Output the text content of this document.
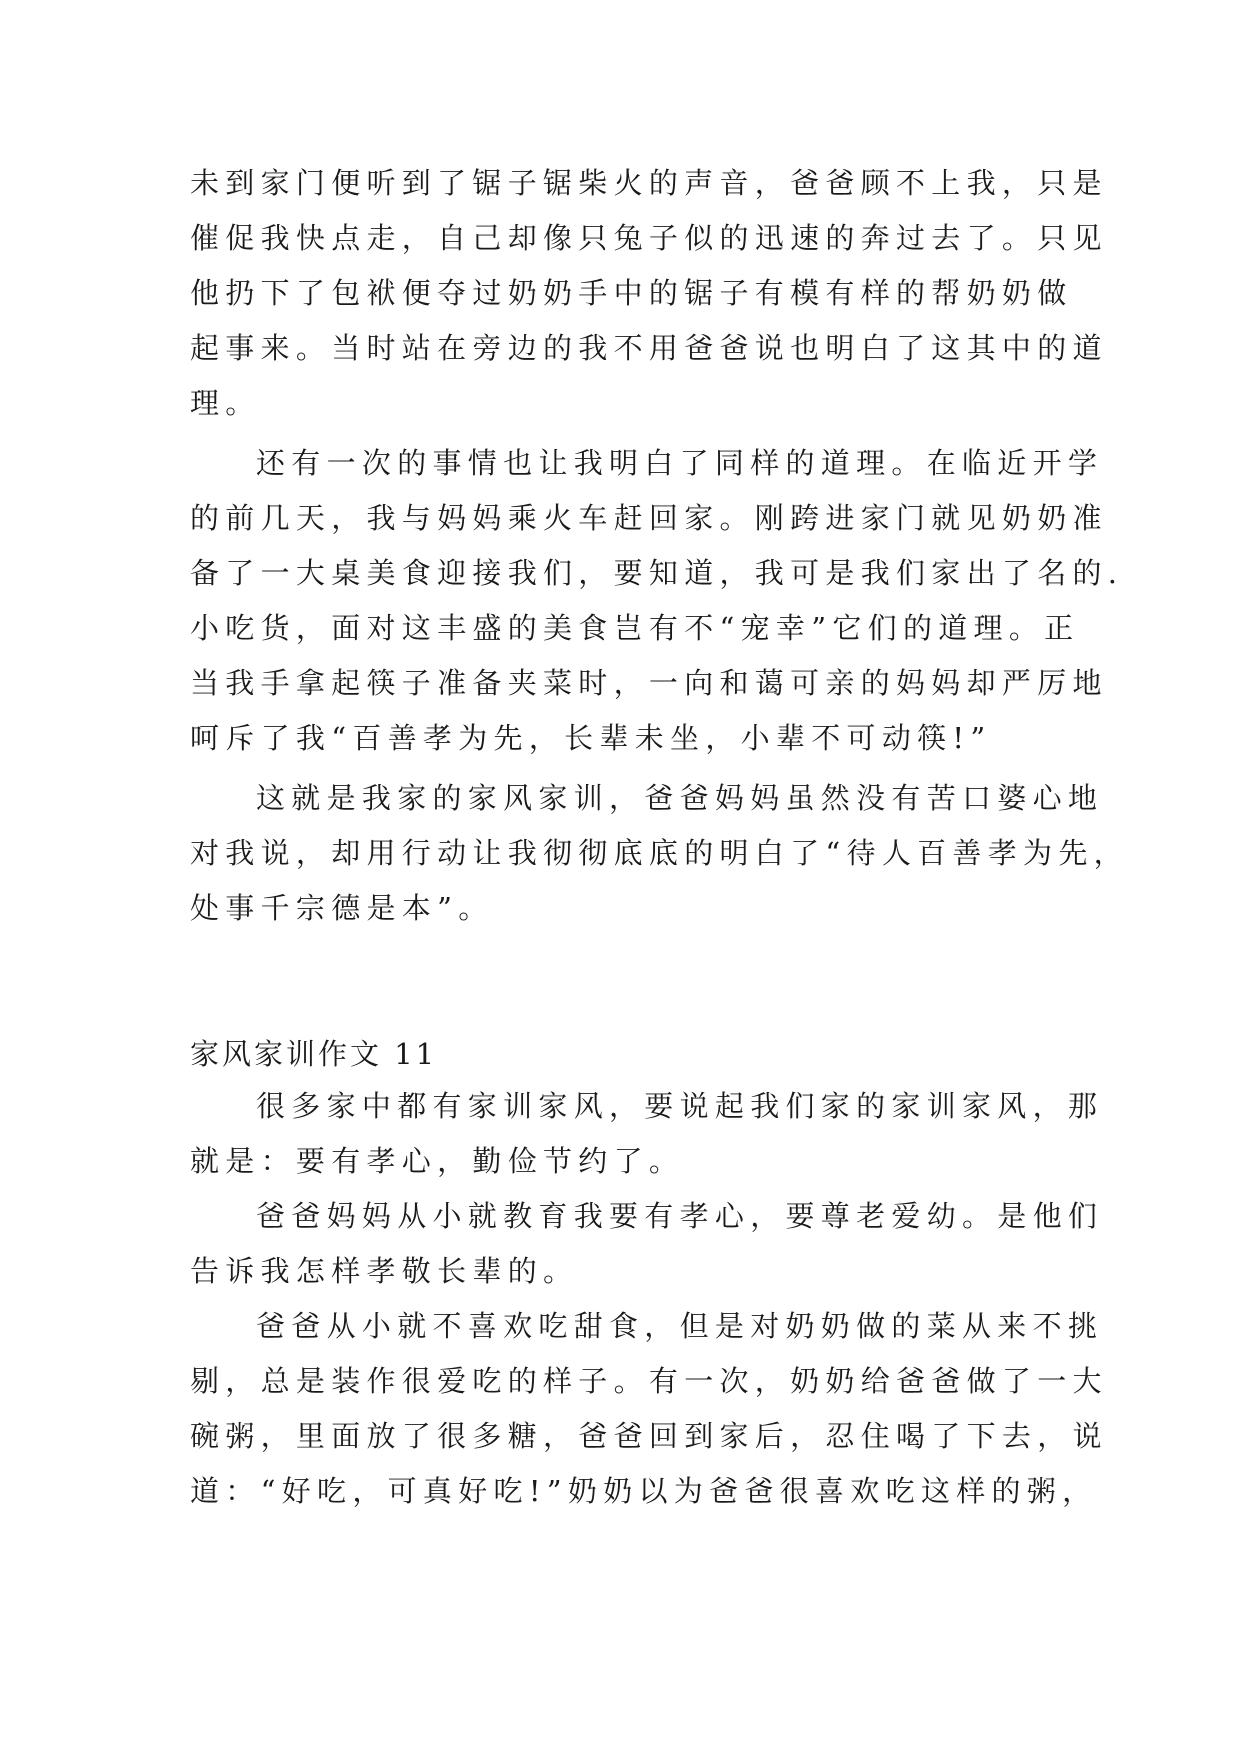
未到家门便听到了锯子锯柴火的声音，爸爸顾不上我，只是
催促我快点走，自己却像只兔子似的迅速的奔过去了。只见
他扔下了包袱便夺过奶奶手中的锯子有模有样的帮奶奶做
起事来。当时站在旁边的我不用爸爸说也明白了这其中的道
理。
还有一次的事情也让我明白了同样的道理。在临近开学
的前几天，我与妈妈乘火车赶回家。刚跨进家门就见奶奶准
备了一大桌美食迎接我们，要知道，我可是我们家出了名的.
小吃货，面对这丰盛的美食岂有不“宠幸”它们的道理。正
当我手拿起筷子准备夹菜时，一向和蔼可亲的妈妈却严厉地
呵斥了我“百善孝为先，长辈未坐，小辈不可动筷!”
这就是我家的家风家训，爸爸妈妈虽然没有苦口婆心地
对我说，却用行动让我彻彻底底的明白了“待人百善孝为先，
处事千宗德是本”。
家风家训作文 11
很多家中都有家训家风，要说起我们家的家训家风，那
就是：要有孝心，勤俭节约了。
爸爸妈妈从小就教育我要有孝心，要尊老爱幼。是他们
告诉我怎样孝敬长辈的。
爸爸从小就不喜欢吃甜食，但是对奶奶做的菜从来不挑
剔，总是装作很爱吃的样子。有一次，奶奶给爸爸做了一大
碗粥，里面放了很多糖，爸爸回到家后，忍住喝了下去，说
道：“好吃，可真好吃!”奶奶以为爸爸很喜欢吃这样的粥，
